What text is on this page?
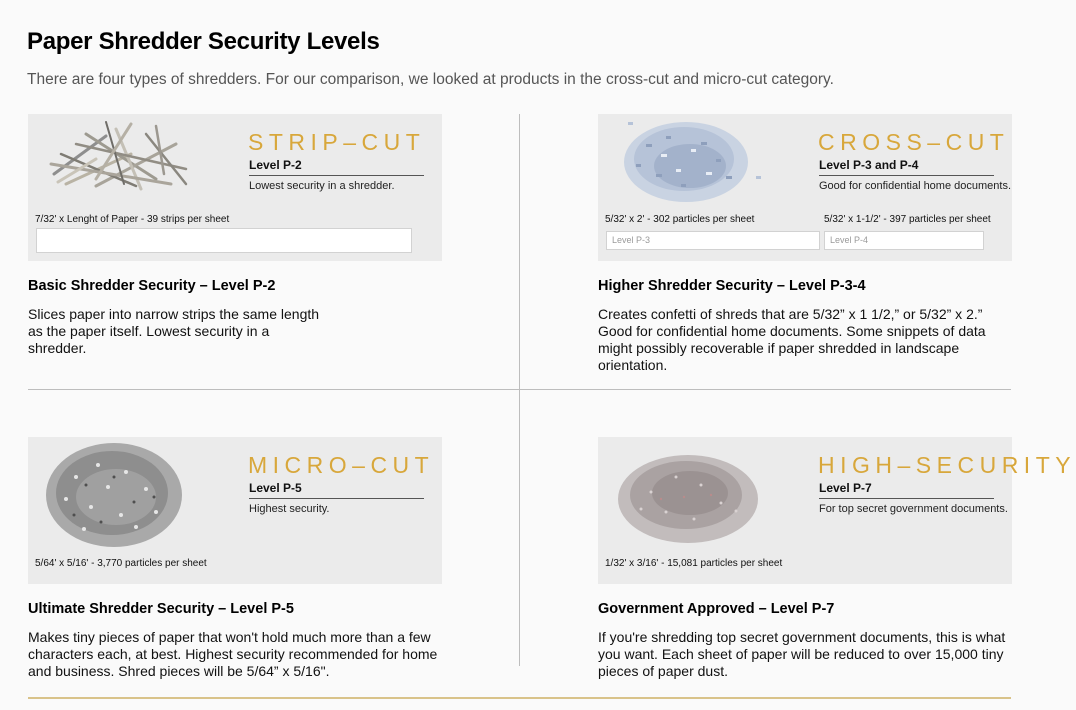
Paper Shredder Security Levels
There are four types of shredders. For our comparison, we looked at products in the cross-cut and micro-cut category.
STRIP–CUT
Level P-2
Lowest security in a shredder.
7/32' x Lenght of Paper - 39 strips per sheet
Basic Shredder Security – Level P-2
Slices paper into narrow strips the same length as the paper itself. Lowest security in a shredder.
CROSS–CUT
Level P-3 and P-4
Good for confidential home documents.
5/32' x 2' - 302 particles per sheet	5/32' x 1-1/2' - 397 particles per sheet
Level P-3	Level P-4
Higher Shredder Security – Level P-3-4
Creates confetti of shreds that are 5/32” x 1 1/2,” or 5/32” x 2.” Good for confidential home documents. Some snippets of data might possibly recoverable if paper shredded in landscape orientation.
MICRO–CUT
Level P-5
Highest security.
5/64' x 5/16' - 3,770 particles per sheet
Ultimate Shredder Security – Level P-5
Makes tiny pieces of paper that won't hold much more than a few characters each, at best. Highest security recommended for home and business. Shred pieces will be 5/64” x 5/16".
HIGH–SECURITY
Level P-7
For top secret government documents.
1/32' x 3/16' - 15,081 particles per sheet
Government Approved – Level P-7
If you're shredding top secret government documents, this is what you want. Each sheet of paper will be reduced to over 15,000 tiny pieces of paper dust.
